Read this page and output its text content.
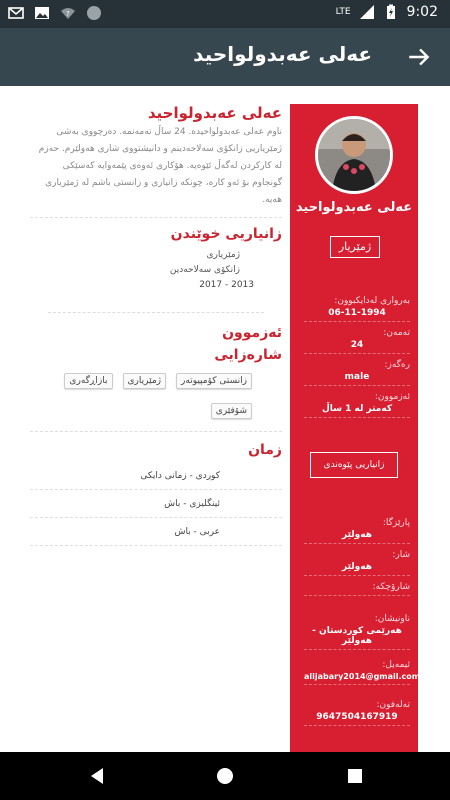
?	LTE	9:02
عەلی عەبدولواحید
عەلی عەبدولواحید
ژمێریار
بەرواری لەدایکبوون:
06-11-1994
تەمەن:
24
رەگەز:
male
ئەزموون:
کەمتر لە 1 ساڵ
زانیاریی پێوەندی
پارێزگا:
هەولێر
شار:
هەولێر
شارۆچکە:
ناونیشان:
هەرێمی کوردستان - هەولێر
ئیمەیل:
alijabary2014@gmail.com
تەلەفون:
9647504167919
عەلی عەبدولواحید
ناوم عەلی عەبدولواحیدە. 24 ساڵ تەمەنمە. دەرچووی بەشی ژمێریاریی زانکۆی سەلاحەدینم و دانیشتووی شاری هەولێرم. حەزم لە کارکردن لەگەڵ ئێوەیە. هۆکاری ئەوەی پێمەوایە کەسێکی گونجاوم بۆ ئەو کارە، چونکە زانیاری و زانستی باشم لە ژمێریاری هەیە.
زانیاریی خوێندن
ژمێریاری
زانکۆی سەلاحەدین
2017 - 2013
ئەزموون
شارەزایی
زانستی کۆمپیوتەر
ژمێریاری
بازاڕگەری
شۆفێری
زمان
کوردی - زمانی دایکی
ئینگلیزی - باش
عربی - باش
